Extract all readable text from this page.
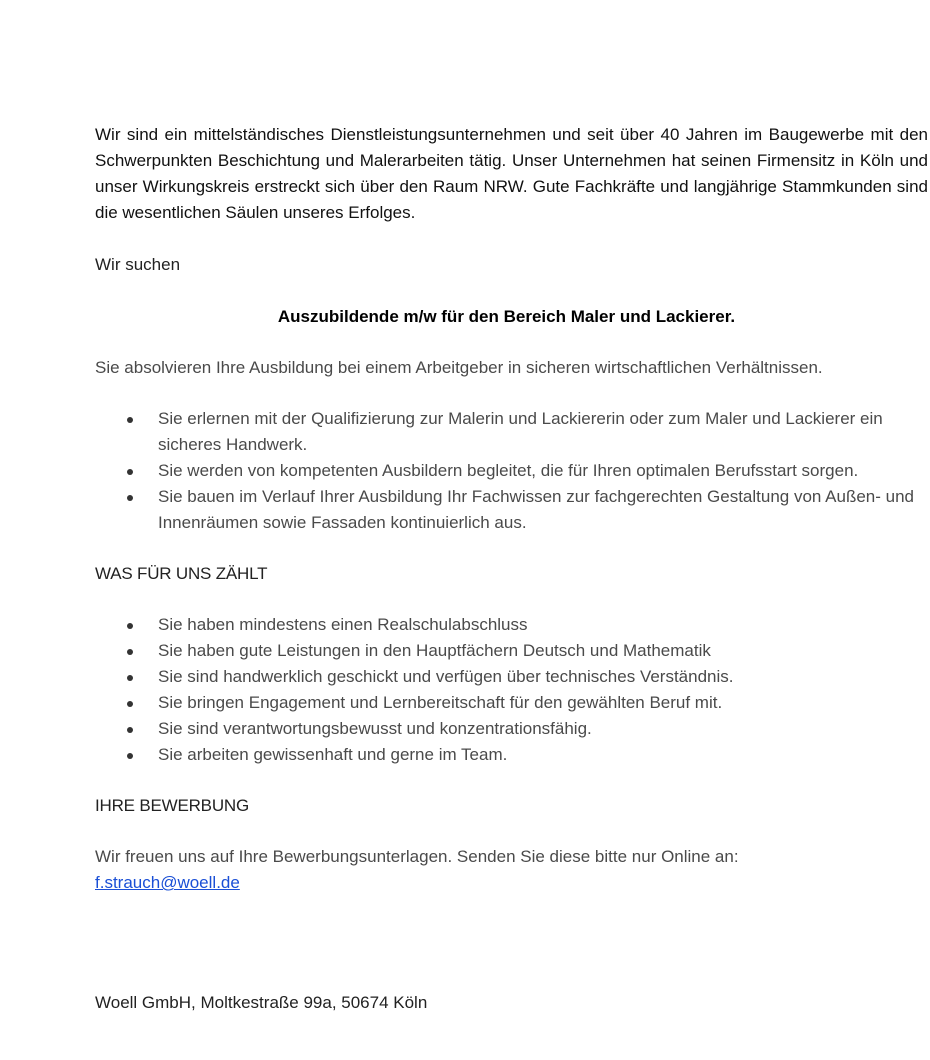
Wir sind ein mittelständisches Dienstleistungsunternehmen und seit über 40 Jahren im Baugewerbe mit den Schwerpunkten Beschichtung und Malerarbeiten tätig. Unser Unternehmen hat seinen Firmensitz in Köln und unser Wirkungskreis erstreckt sich über den Raum NRW. Gute Fachkräfte und langjährige Stammkunden sind die wesentlichen Säulen unseres Erfolges.

Wir suchen

Auszubildende m/w für den Bereich Maler und Lackierer.

Sie absolvieren Ihre Ausbildung bei einem Arbeitgeber in sicheren wirtschaftlichen Verhältnissen.

Sie erlernen mit der Qualifizierung zur Malerin und Lackiererin oder zum Maler und Lackierer ein sicheres Handwerk.
Sie werden von kompetenten Ausbildern begleitet, die für Ihren optimalen Berufsstart sorgen.
Sie bauen im Verlauf Ihrer Ausbildung Ihr Fachwissen zur fachgerechten Gestaltung von Außen- und Innenräumen sowie Fassaden kontinuierlich aus.

WAS FÜR UNS ZÄHLT

Sie haben mindestens einen Realschulabschluss
Sie haben gute Leistungen in den Hauptfächern Deutsch und Mathematik
Sie sind handwerklich geschickt und verfügen über technisches Verständnis.
Sie bringen Engagement und Lernbereitschaft für den gewählten Beruf mit.
Sie sind verantwortungsbewusst und konzentrationsfähig.
Sie arbeiten gewissenhaft und gerne im Team.

IHRE BEWERBUNG

Wir freuen uns auf Ihre Bewerbungsunterlagen. Senden Sie diese bitte nur Online an:

f.strauch@woell.de

Woell GmbH, Moltkestraße 99a, 50674 Köln
